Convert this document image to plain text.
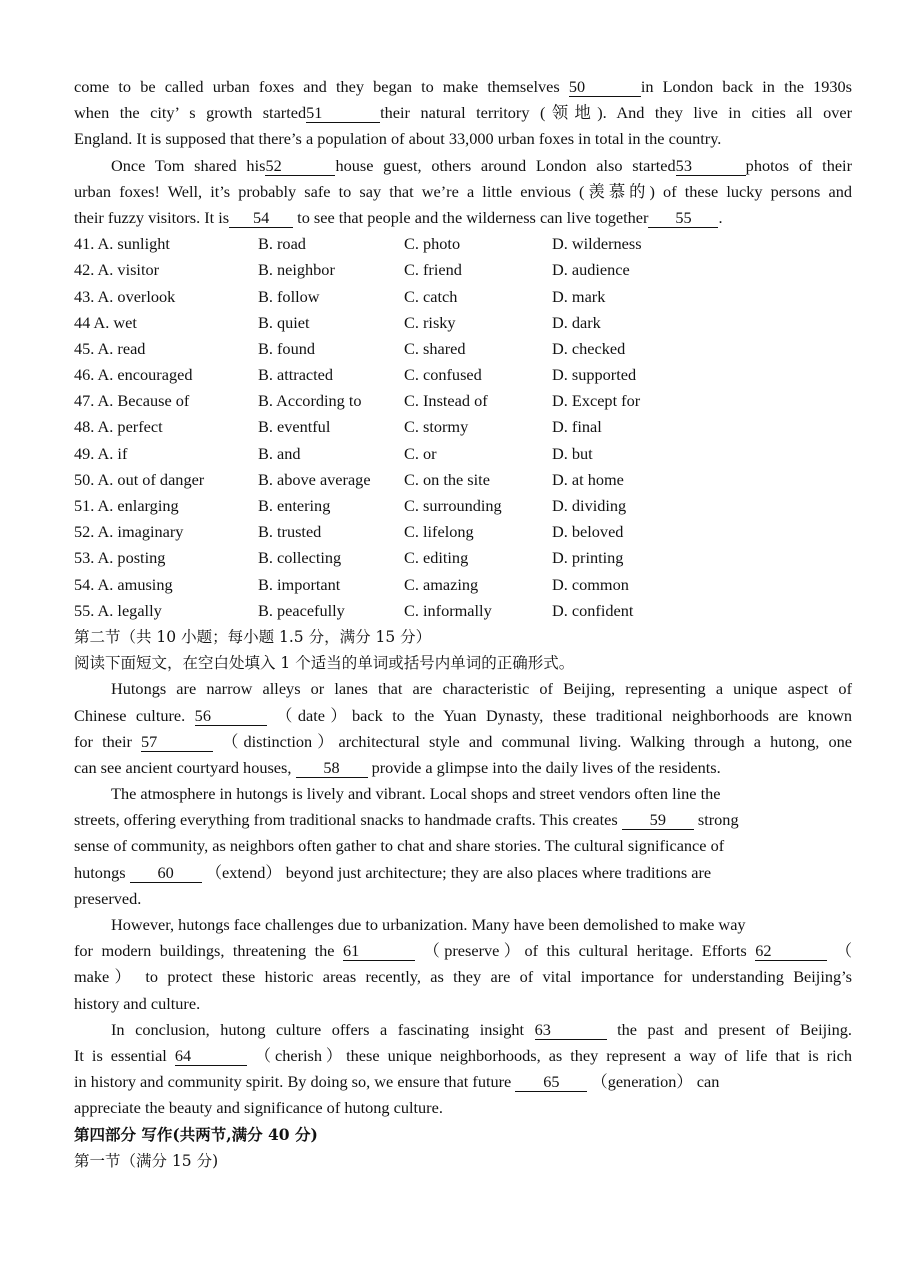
come to be called urban foxes and they began to make themselves 50	in London back in the 1930s
when the city’ s growth started51	their natural territory (领地). And they live in cities all over
England. It is supposed that there’s a population of about 33,000 urban foxes in total in the country.
Once Tom shared his52	house guest, others around London also started53	photos of their
urban foxes! Well, it’s probably safe to say that we’re a little envious (羡慕的) of these lucky persons and
their fuzzy visitors. It is 54 to see that people and the wilderness can live together 55 .
41. A. sunlight	B. road	C. photo	D. wilderness
42. A. visitor	B. neighbor	C. friend	D. audience
43. A. overlook	B. follow	C. catch	D. mark
44 A. wet	B. quiet	C. risky	D. dark
45. A. read	B. found	C. shared	D. checked
46. A. encouraged	B. attracted	C. confused	D. supported
47. A. Because of	B. According to	C. Instead of	D. Except for
48. A. perfect	B. eventful	C. stormy	D. final
49. A. if	B. and	C. or	D. but
50. A. out of danger	B. above average	C. on the site	D. at home
51. A. enlarging	B. entering	C. surrounding	D. dividing
52. A. imaginary	B. trusted	C. lifelong	D. beloved
53. A. posting	B. collecting	C. editing	D. printing
54. A. amusing	B. important	C. amazing	D. common
55. A. legally	B. peacefully	C. informally	D. confident
第二节（共 10 小题；每小题 1.5 分，满分 15 分）
阅读下面短文，在空白处填入 1 个适当的单词或括号内单词的正确形式。
Hutongs are narrow alleys or lanes that are characteristic of Beijing, representing a unique aspect of
Chinese culture. 56	（date）back to the Yuan Dynasty, these traditional neighborhoods are known
for their 57	（distinction）architectural style and communal living. Walking through a hutong, one
can see ancient courtyard houses, 58 provide a glimpse into the daily lives of the residents.
The atmosphere in hutongs is lively and vibrant. Local shops and street vendors often line the
streets, offering everything from traditional snacks to handmade crafts. This creates 59 strong
sense of community, as neighbors often gather to chat and share stories. The cultural significance of
hutongs 60 （extend） beyond just architecture; they are also places where traditions are
preserved.
However, hutongs face challenges due to urbanization. Many have been demolished to make way
for modern buildings, threatening the 61	（preserve）of this cultural heritage. Efforts 62	（
make） to protect these historic areas recently, as they are of vital importance for understanding Beijing’s
history and culture.
In conclusion, hutong culture offers a fascinating insight 63	the past and present of Beijing.
It is essential 64	（cherish）these unique neighborhoods, as they represent a way of life that is rich
in history and community spirit. By doing so, we ensure that future 65 （generation） can
appreciate the beauty and significance of hutong culture.
第四部分 写作(共两节,满分 40 分)
第一节（满分 15 分)
